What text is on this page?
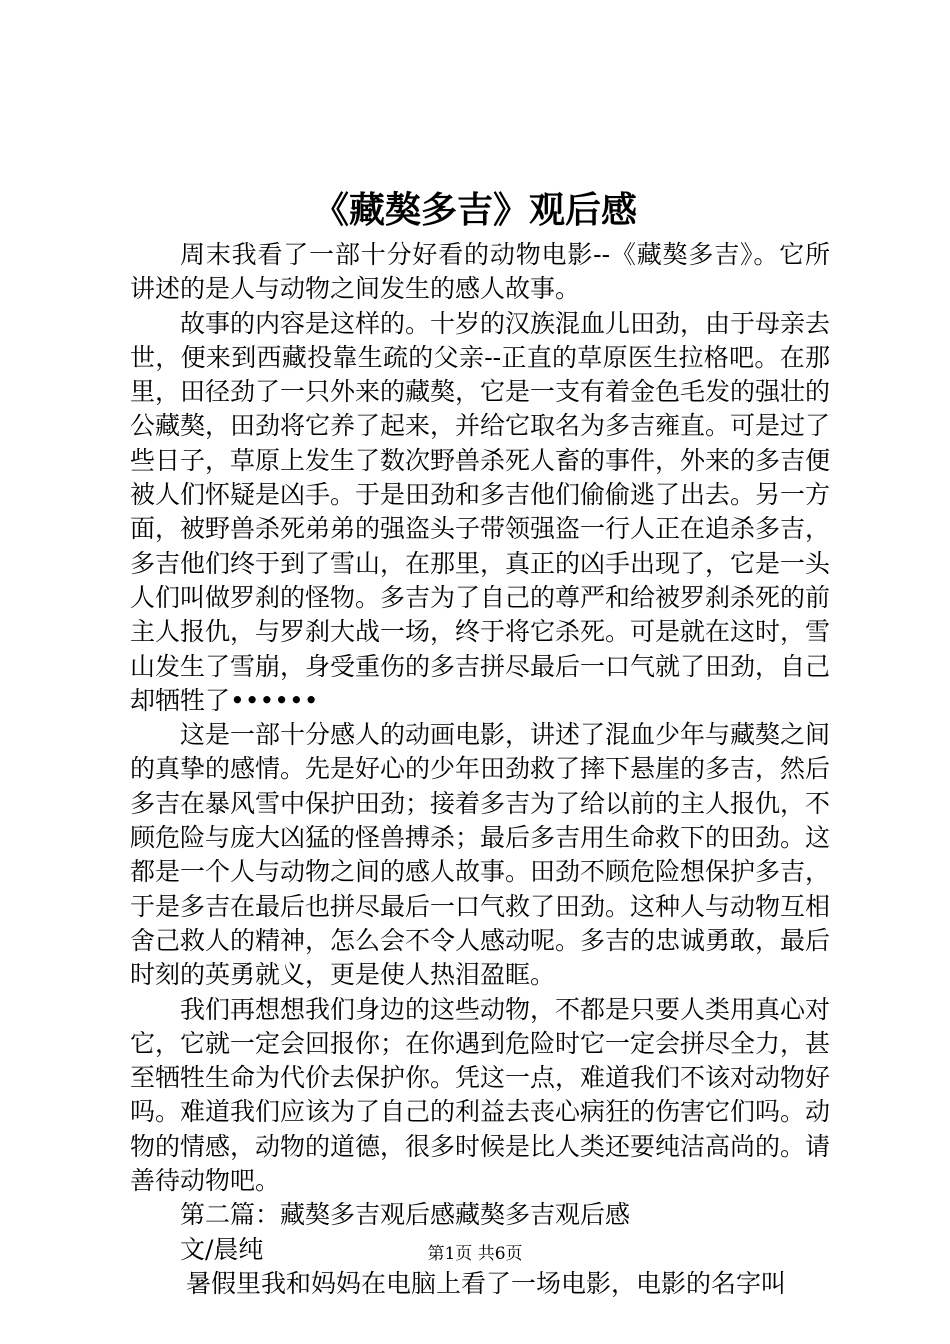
《藏獒多吉》观后感

周末我看了一部十分好看的动物电影--《藏獒多吉》。它所讲述的是人与动物之间发生的感人故事。

故事的内容是这样的。十岁的汉族混血儿田劲，由于母亲去世，便来到西藏投靠生疏的父亲--正直的草原医生拉格吧。在那里，田径劲了一只外来的藏獒，它是一支有着金色毛发的强壮的公藏獒，田劲将它养了起来，并给它取名为多吉雍直。可是过了些日子，草原上发生了数次野兽杀死人畜的事件，外来的多吉便被人们怀疑是凶手。于是田劲和多吉他们偷偷逃了出去。另一方面，被野兽杀死弟弟的强盗头子带领强盗一行人正在追杀多吉，多吉他们终于到了雪山，在那里，真正的凶手出现了，它是一头人们叫做罗刹的怪物。多吉为了自己的尊严和给被罗刹杀死的前主人报仇，与罗刹大战一场，终于将它杀死。可是就在这时，雪山发生了雪崩，身受重伤的多吉拼尽最后一口气就了田劲，自己却牺牲了••••••

这是一部十分感人的动画电影，讲述了混血少年与藏獒之间的真挚的感情。先是好心的少年田劲救了摔下悬崖的多吉，然后多吉在暴风雪中保护田劲；接着多吉为了给以前的主人报仇，不顾危险与庞大凶猛的怪兽搏杀；最后多吉用生命救下的田劲。这都是一个人与动物之间的感人故事。田劲不顾危险想保护多吉，于是多吉在最后也拼尽最后一口气救了田劲。这种人与动物互相舍己救人的精神，怎么会不令人感动呢。多吉的忠诚勇敢，最后时刻的英勇就义，更是使人热泪盈眶。

我们再想想我们身边的这些动物，不都是只要人类用真心对它，它就一定会回报你；在你遇到危险时它一定会拼尽全力，甚至牺牲生命为代价去保护你。凭这一点，难道我们不该对动物好吗。难道我们应该为了自己的利益去丧心病狂的伤害它们吗。动物的情感，动物的道德，很多时候是比人类还要纯洁高尚的。请善待动物吧。

第二篇：藏獒多吉观后感藏獒多吉观后感

文/晨纯

暑假里我和妈妈在电脑上看了一场电影，电影的名字叫

第1页 共6页
